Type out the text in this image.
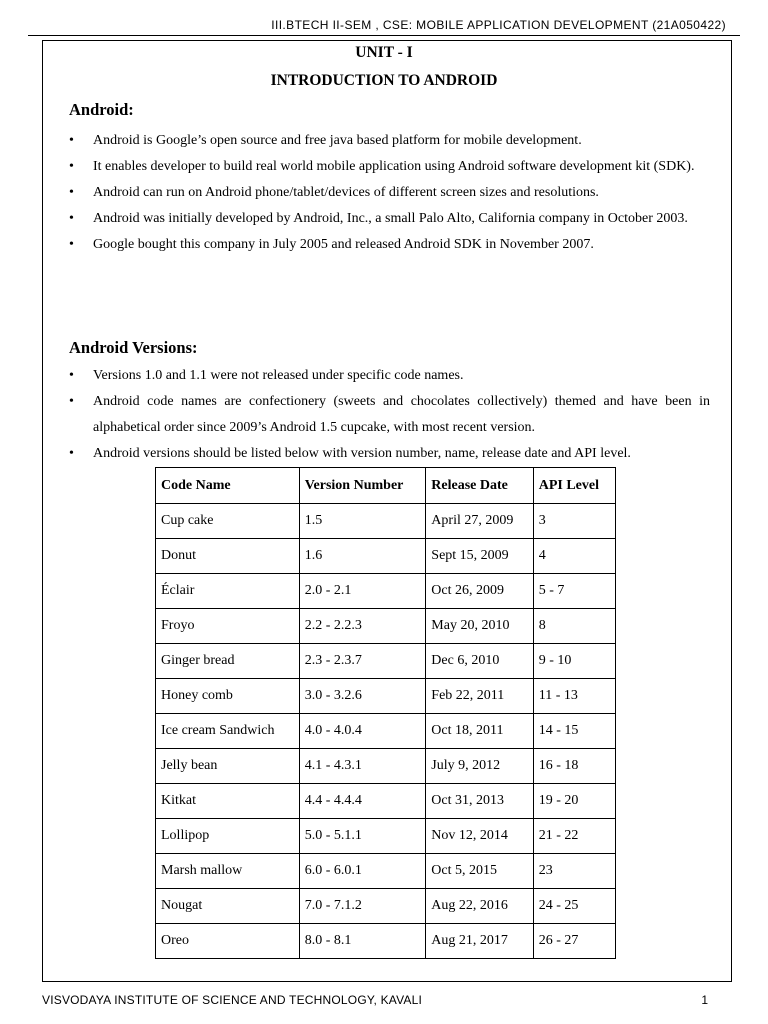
III.BTECH II-SEM , CSE: MOBILE APPLICATION DEVELOPMENT (21A050422)
UNIT - I
INTRODUCTION TO ANDROID
Android:
• Android is Google’s open source and free java based platform for mobile development.
• It enables developer to build real world mobile application using Android software development kit (SDK).
• Android can run on Android phone/tablet/devices of different screen sizes and resolutions.
• Android was initially developed by Android, Inc., a small Palo Alto, California company in October 2003.
• Google bought this company in July 2005 and released Android SDK in November 2007.
Android Versions:
• Versions 1.0 and 1.1 were not released under specific code names.
• Android code names are confectionery (sweets and chocolates collectively) themed and have been in alphabetical order since 2009’s Android 1.5 cupcake, with most recent version.
• Android versions should be listed below with version number, name, release date and API level.
Code Name	Version Number	Release Date	API Level
Cup cake	1.5	April 27, 2009	3
Donut	1.6	Sept 15, 2009	4
Éclair	2.0 - 2.1	Oct 26, 2009	5 - 7
Froyo	2.2 - 2.2.3	May 20, 2010	8
Ginger bread	2.3 - 2.3.7	Dec 6, 2010	9 - 10
Honey comb	3.0 - 3.2.6	Feb 22, 2011	11 - 13
Ice cream Sandwich	4.0 - 4.0.4	Oct 18, 2011	14 - 15
Jelly bean	4.1 - 4.3.1	July 9, 2012	16 - 18
Kitkat	4.4 - 4.4.4	Oct 31, 2013	19 - 20
Lollipop	5.0 - 5.1.1	Nov 12, 2014	21 - 22
Marsh mallow	6.0 - 6.0.1	Oct 5, 2015	23
Nougat	7.0 - 7.1.2	Aug 22, 2016	24 - 25
Oreo	8.0 - 8.1	Aug 21, 2017	26 - 27
VISVODAYA INSTITUTE OF SCIENCE AND TECHNOLOGY, KAVALI	1
